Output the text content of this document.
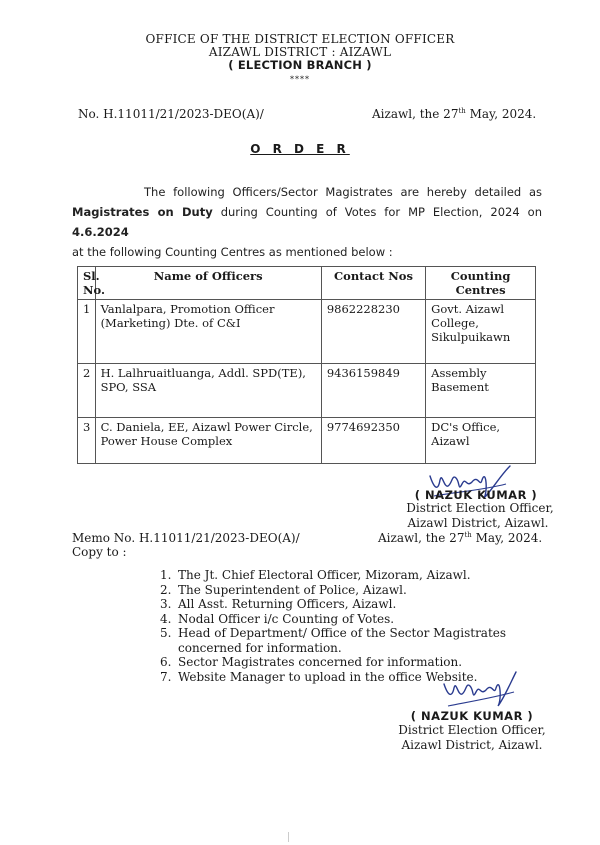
OFFICE OF THE DISTRICT ELECTION OFFICER
AIZAWL DISTRICT : AIZAWL
( ELECTION BRANCH )
****
No. H.11011/21/2023-DEO(A)/	Aizawl, the 27th May, 2024.
O R D E R
The following Officers/Sector Magistrates are hereby detailed as
Magistrates on Duty during Counting of Votes for MP Election, 2024 on 4.6.2024
at the following Counting Centres as mentioned below :
Sl. No.	Name of Officers	Contact Nos	Counting Centres
1	Vanlalpara, Promotion Officer (Marketing) Dte. of C&I	9862228230	Govt. Aizawl College, Sikulpuikawn
2	H. Lalhruaitluanga, Addl. SPD(TE), SPO, SSA	9436159849	Assembly Basement
3	C. Daniela, EE, Aizawl Power Circle, Power House Complex	9774692350	DC's Office, Aizawl
( NAZUK KUMAR )
District Election Officer,
Aizawl District, Aizawl.
Memo No. H.11011/21/2023-DEO(A)/	Aizawl, the 27th May, 2024.
Copy to :
1. The Jt. Chief Electoral Officer, Mizoram, Aizawl.
2. The Superintendent of Police, Aizawl.
3. All Asst. Returning Officers, Aizawl.
4. Nodal Officer i/c Counting of Votes.
5. Head of Department/ Office of the Sector Magistrates concerned for information.
6. Sector Magistrates concerned for information.
7. Website Manager to upload in the office Website.
( NAZUK KUMAR )
District Election Officer,
Aizawl District, Aizawl.
